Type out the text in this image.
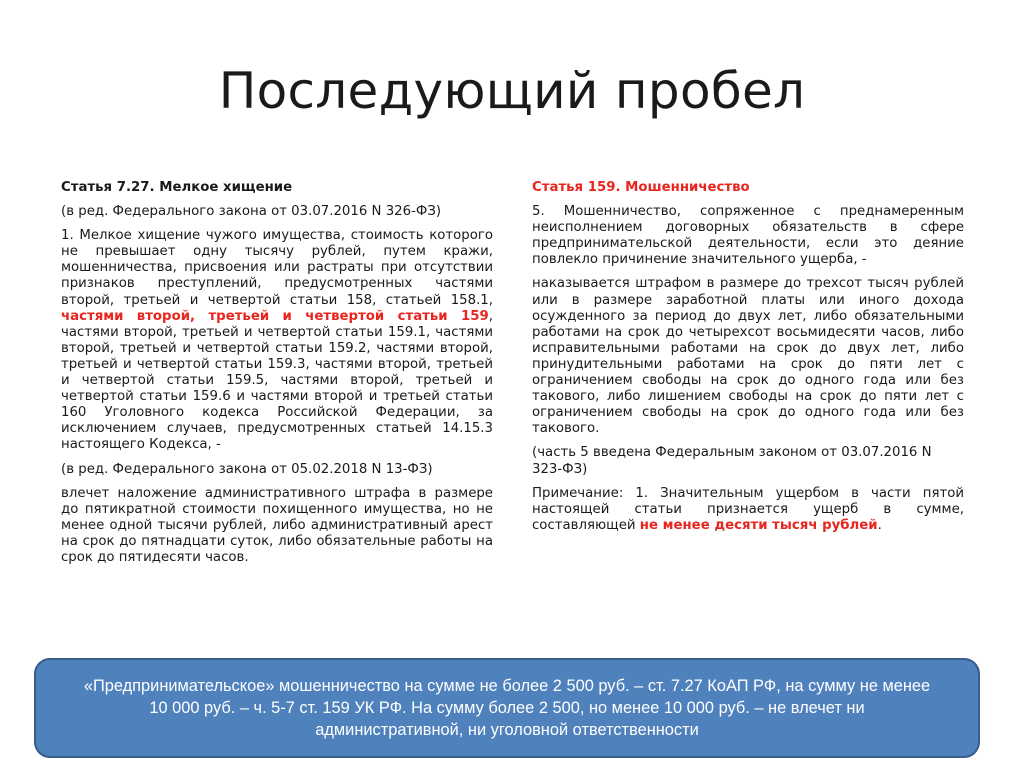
Последующий пробел

Статья 7.27. Мелкое хищение

(в ред. Федерального закона от 03.07.2016 N 326-ФЗ)

1. Мелкое хищение чужого имущества, стоимость которого не превышает одну тысячу рублей, путем кражи, мошенничества, присвоения или растраты при отсутствии признаков преступлений, предусмотренных частями второй, третьей и четвертой статьи 158, статьей 158.1, частями второй, третьей и четвертой статьи 159, частями второй, третьей и четвертой статьи 159.1, частями второй, третьей и четвертой статьи 159.2, частями второй, третьей и четвертой статьи 159.3, частями второй, третьей и четвертой статьи 159.5, частями второй, третьей и четвертой статьи 159.6 и частями второй и третьей статьи 160 Уголовного кодекса Российской Федерации, за исключением случаев, предусмотренных статьей 14.15.3 настоящего Кодекса, -

(в ред. Федерального закона от 05.02.2018 N 13-ФЗ)

влечет наложение административного штрафа в размере до пятикратной стоимости похищенного имущества, но не менее одной тысячи рублей, либо административный арест на срок до пятнадцати суток, либо обязательные работы на срок до пятидесяти часов.

Статья 159. Мошенничество

5. Мошенничество, сопряженное с преднамеренным неисполнением договорных обязательств в сфере предпринимательской деятельности, если это деяние повлекло причинение значительного ущерба, -

наказывается штрафом в размере до трехсот тысяч рублей или в размере заработной платы или иного дохода осужденного за период до двух лет, либо обязательными работами на срок до четырехсот восьмидесяти часов, либо исправительными работами на срок до двух лет, либо принудительными работами на срок до пяти лет с ограничением свободы на срок до одного года или без такового, либо лишением свободы на срок до пяти лет с ограничением свободы на срок до одного года или без такового.

(часть 5 введена Федеральным законом от 03.07.2016 N 323-ФЗ)

Примечание: 1. Значительным ущербом в части пятой настоящей статьи признается ущерб в сумме, составляющей не менее десяти тысяч рублей.

«Предпринимательское» мошенничество на сумме не более 2 500 руб. – ст. 7.27 КоАП РФ, на сумму не менее 10 000 руб. – ч. 5-7 ст. 159 УК РФ. На сумму более 2 500, но менее 10 000 руб. – не влечет ни административной, ни уголовной ответственности
